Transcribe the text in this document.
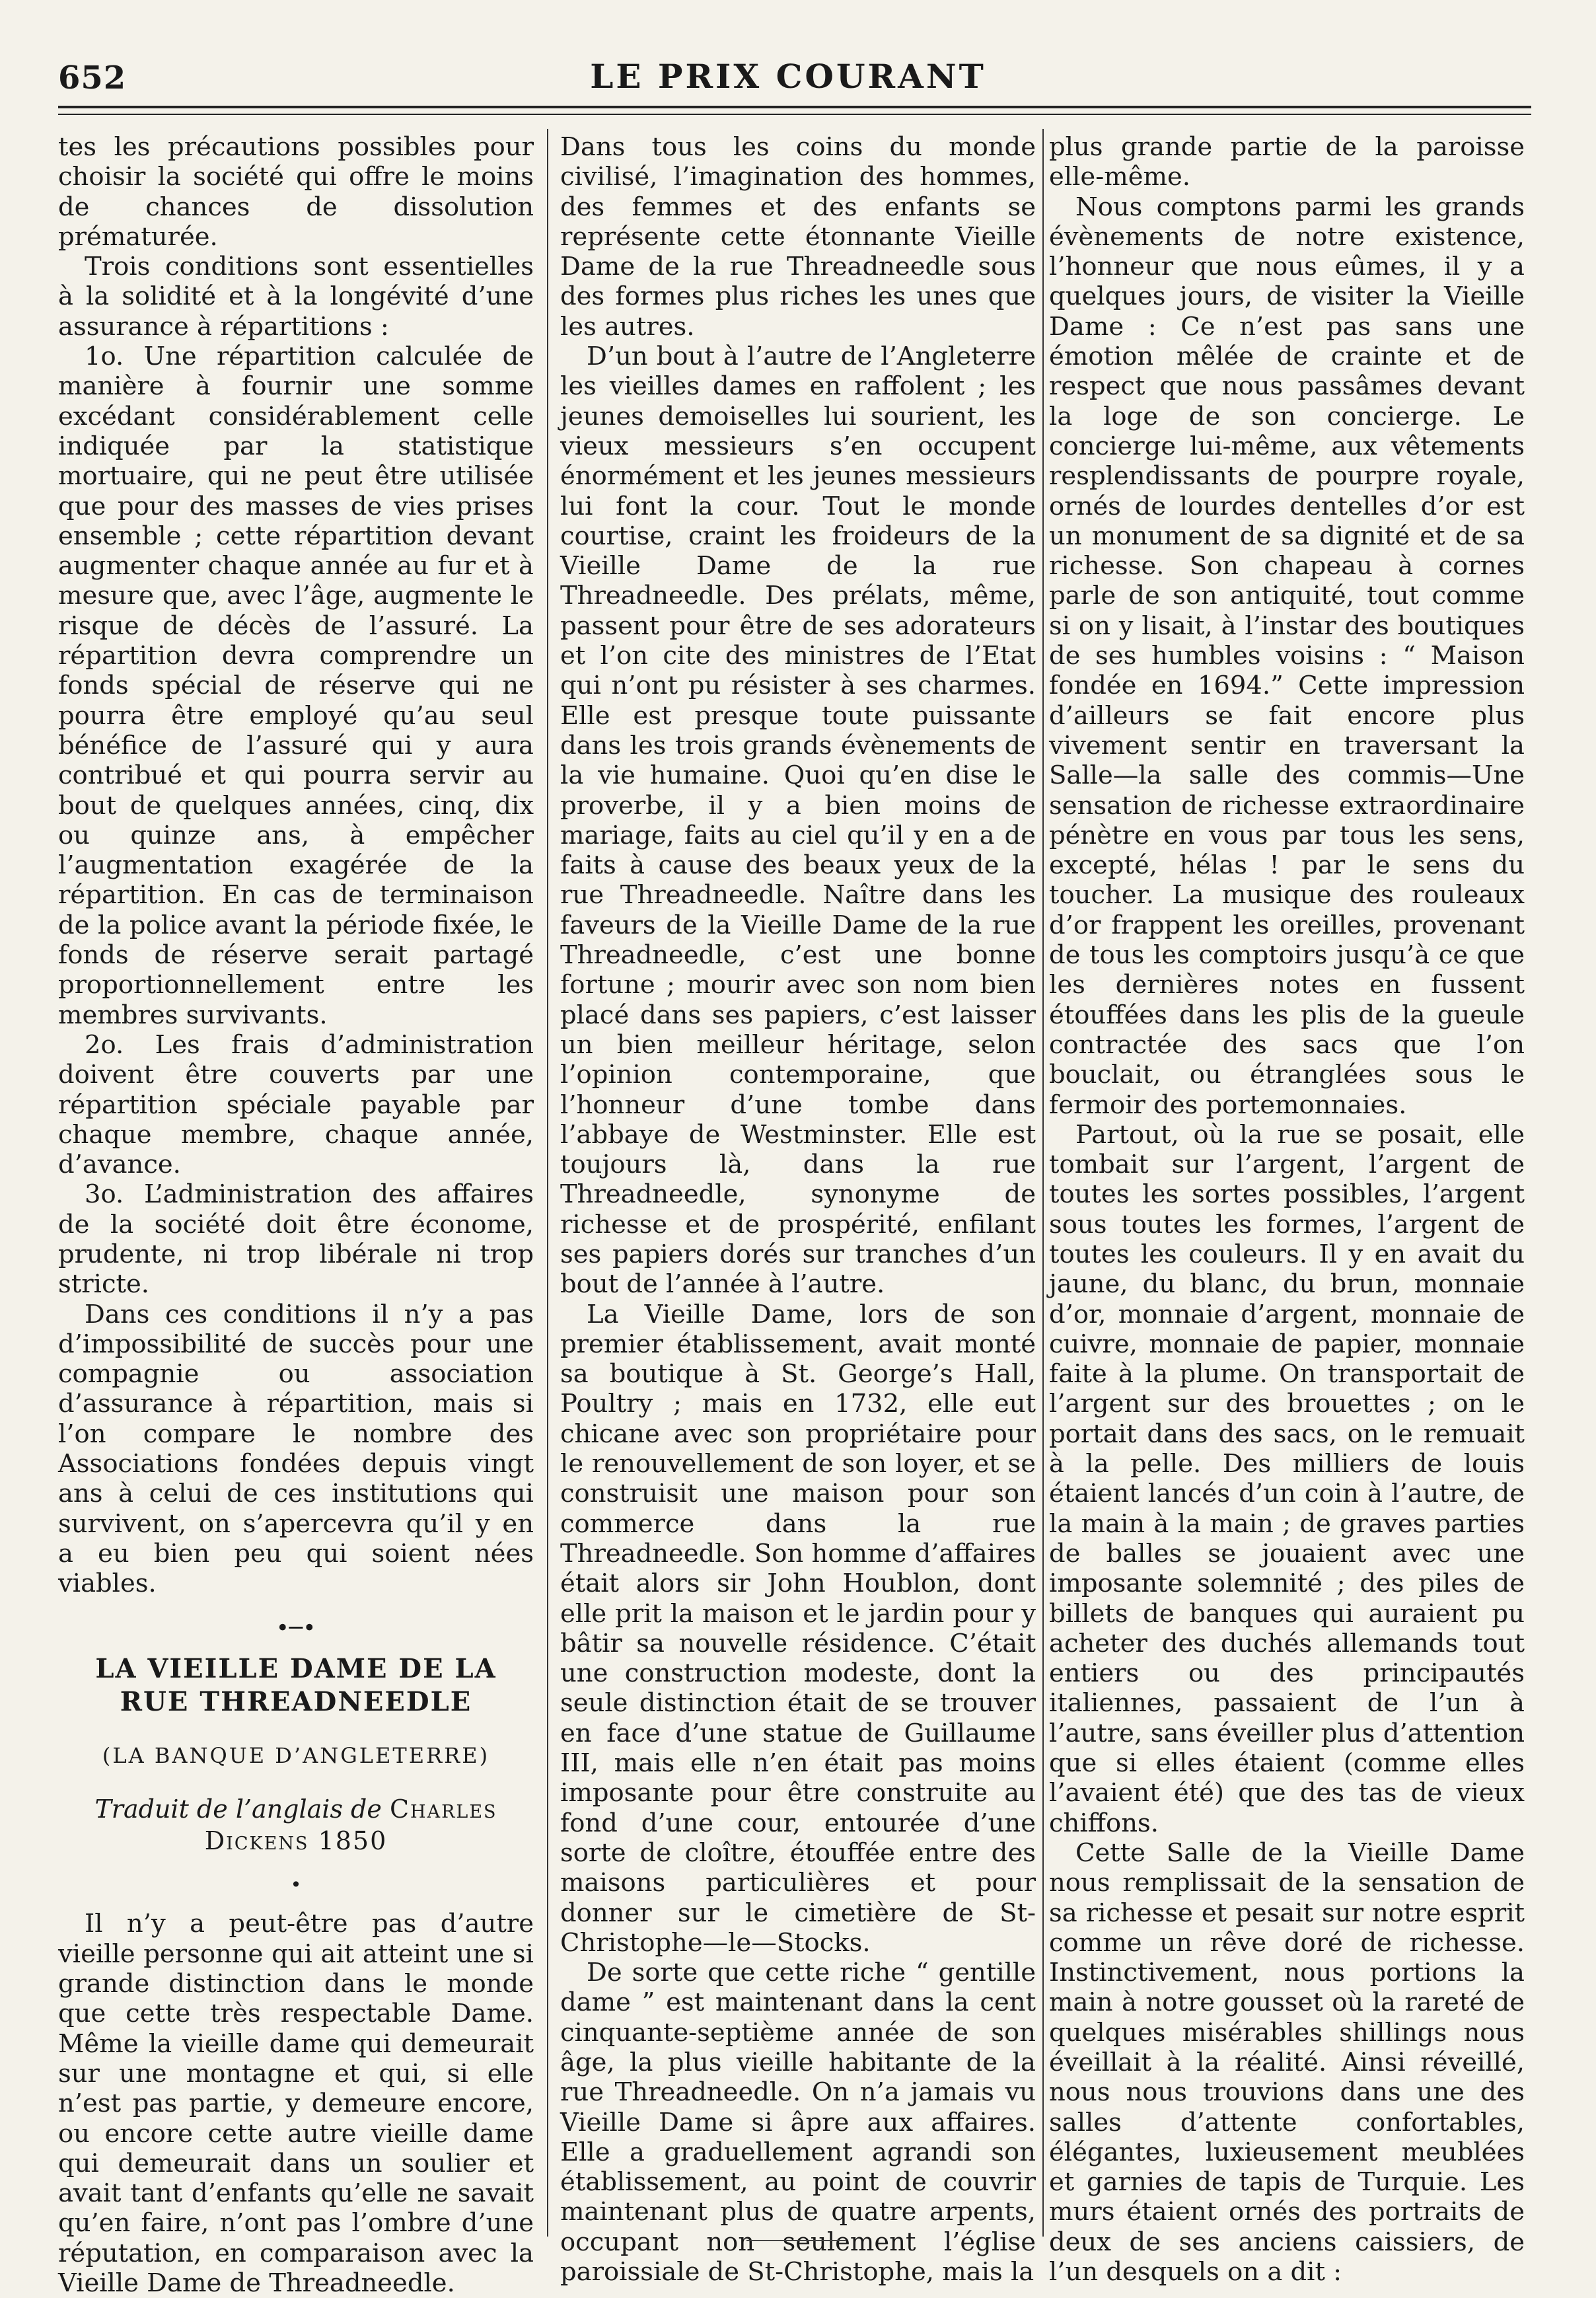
652	LE PRIX COURANT

tes les précautions possibles pour choisir la société qui offre le moins de chances de dissolution prématurée.

Trois conditions sont essentielles à la solidité et à la longévité d’une assurance à répartitions :

1o. Une répartition calculée de manière à fournir une somme excédant considérablement celle indiquée par la statistique mortuaire, qui ne peut être utilisée que pour des masses de vies prises ensemble ; cette répartition devant augmenter chaque année au fur et à mesure que, avec l’âge, augmente le risque de décès de l’assuré. La répartition devra comprendre un fonds spécial de réserve qui ne pourra être employé qu’au seul bénéfice de l’assuré qui y aura contribué et qui pourra servir au bout de quelques années, cinq, dix ou quinze ans, à empêcher l’augmentation exagérée de la répartition. En cas de terminaison de la police avant la période fixée, le fonds de réserve serait partagé proportionnellement entre les membres survivants.

2o. Les frais d’administration doivent être couverts par une répartition spéciale payable par chaque membre, chaque année, d’avance.

3o. L’administration des affaires de la société doit être économe, prudente, ni trop libérale ni trop stricte.

Dans ces conditions il n’y a pas d’impossibilité de succès pour une compagnie ou association d’assurance à répartition, mais si l’on compare le nombre des Associations fondées depuis vingt ans à celui de ces institutions qui survivent, on s’apercevra qu’il y en a eu bien peu qui soient nées viables.

•─•
LA VIEILLE DAME DE LA RUE THREADNEEDLE
(LA BANQUE D’ANGLETERRE)
Traduit de l’anglais de Charles Dickens 1850
•

Il n’y a peut-être pas d’autre vieille personne qui ait atteint une si grande distinction dans le monde que cette très respectable Dame. Même la vieille dame qui demeurait sur une montagne et qui, si elle n’est pas partie, y demeure encore, ou encore cette autre vieille dame qui demeurait dans un soulier et avait tant d’enfants qu’elle ne savait qu’en faire, n’ont pas l’ombre d’une réputation, en comparaison avec la Vieille Dame de Threadneedle.

Dans tous les coins du monde civilisé, l’imagination des hommes, des femmes et des enfants se représente cette étonnante Vieille Dame de la rue Threadneedle sous des formes plus riches les unes que les autres.

D’un bout à l’autre de l’Angleterre les vieilles dames en raffolent ; les jeunes demoiselles lui sourient, les vieux messieurs s’en occupent énormément et les jeunes messieurs lui font la cour. Tout le monde courtise, craint les froideurs de la Vieille Dame de la rue Threadneedle. Des prélats, même, passent pour être de ses adorateurs et l’on cite des ministres de l’Etat qui n’ont pu résister à ses charmes. Elle est presque toute puissante dans les trois grands évènements de la vie humaine. Quoi qu’en dise le proverbe, il y a bien moins de mariage, faits au ciel qu’il y en a de faits à cause des beaux yeux de la rue Threadneedle. Naître dans les faveurs de la Vieille Dame de la rue Threadneedle, c’est une bonne fortune ; mourir avec son nom bien placé dans ses papiers, c’est laisser un bien meilleur héritage, selon l’opinion contemporaine, que l’honneur d’une tombe dans l’abbaye de Westminster. Elle est toujours là, dans la rue Threadneedle, synonyme de richesse et de prospérité, enfilant ses papiers dorés sur tranches d’un bout de l’année à l’autre.

La Vieille Dame, lors de son premier établissement, avait monté sa boutique à St. George’s Hall, Poultry ; mais en 1732, elle eut chicane avec son propriétaire pour le renouvellement de son loyer, et se construisit une maison pour son commerce dans la rue Threadneedle. Son homme d’affaires était alors sir John Houblon, dont elle prit la maison et le jardin pour y bâtir sa nouvelle résidence. C’était une construction modeste, dont la seule distinction était de se trouver en face d’une statue de Guillaume III, mais elle n’en était pas moins imposante pour être construite au fond d’une cour, entourée d’une sorte de cloître, étouffée entre des maisons particulières et pour donner sur le cimetière de St-Christophe—le—Stocks.

De sorte que cette riche “ gentille dame ” est maintenant dans la cent cinquante-septième année de son âge, la plus vieille habitante de la rue Threadneedle. On n’a jamais vu Vieille Dame si âpre aux affaires. Elle a graduellement agrandi son établissement, au point de couvrir maintenant plus de quatre arpents, occupant non seulement l’église paroissiale de St-Christophe, mais la

plus grande partie de la paroisse elle-même.

Nous comptons parmi les grands évènements de notre existence, l’honneur que nous eûmes, il y a quelques jours, de visiter la Vieille Dame : Ce n’est pas sans une émotion mêlée de crainte et de respect que nous passâmes devant la loge de son concierge. Le concierge lui-même, aux vêtements resplendissants de pourpre royale, ornés de lourdes dentelles d’or est un monument de sa dignité et de sa richesse. Son chapeau à cornes parle de son antiquité, tout comme si on y lisait, à l’instar des boutiques de ses humbles voisins : “ Maison fondée en 1694.” Cette impression d’ailleurs se fait encore plus vivement sentir en traversant la Salle—la salle des commis—Une sensation de richesse extraordinaire pénètre en vous par tous les sens, excepté, hélas ! par le sens du toucher. La musique des rouleaux d’or frappent les oreilles, provenant de tous les comptoirs jusqu’à ce que les dernières notes en fussent étouffées dans les plis de la gueule contractée des sacs que l’on bouclait, ou étranglées sous le fermoir des portemonnaies.

Partout, où la rue se posait, elle tombait sur l’argent, l’argent de toutes les sortes possibles, l’argent sous toutes les formes, l’argent de toutes les couleurs. Il y en avait du jaune, du blanc, du brun, monnaie d’or, monnaie d’argent, monnaie de cuivre, monnaie de papier, monnaie faite à la plume. On transportait de l’argent sur des brouettes ; on le portait dans des sacs, on le remuait à la pelle. Des milliers de louis étaient lancés d’un coin à l’autre, de la main à la main ; de graves parties de balles se jouaient avec une imposante solemnité ; des piles de billets de banques qui auraient pu acheter des duchés allemands tout entiers ou des principautés italiennes, passaient de l’un à l’autre, sans éveiller plus d’attention que si elles étaient (comme elles l’avaient été) que des tas de vieux chiffons.

Cette Salle de la Vieille Dame nous remplissait de la sensation de sa richesse et pesait sur notre esprit comme un rêve doré de richesse. Instinctivement, nous portions la main à notre gousset où la rareté de quelques misérables shillings nous éveillait à la réalité. Ainsi réveillé, nous nous trouvions dans une des salles d’attente confortables, élégantes, luxieusement meublées et garnies de tapis de Turquie. Les murs étaient ornés des portraits de deux de ses anciens caissiers, de l’un desquels on a dit :
